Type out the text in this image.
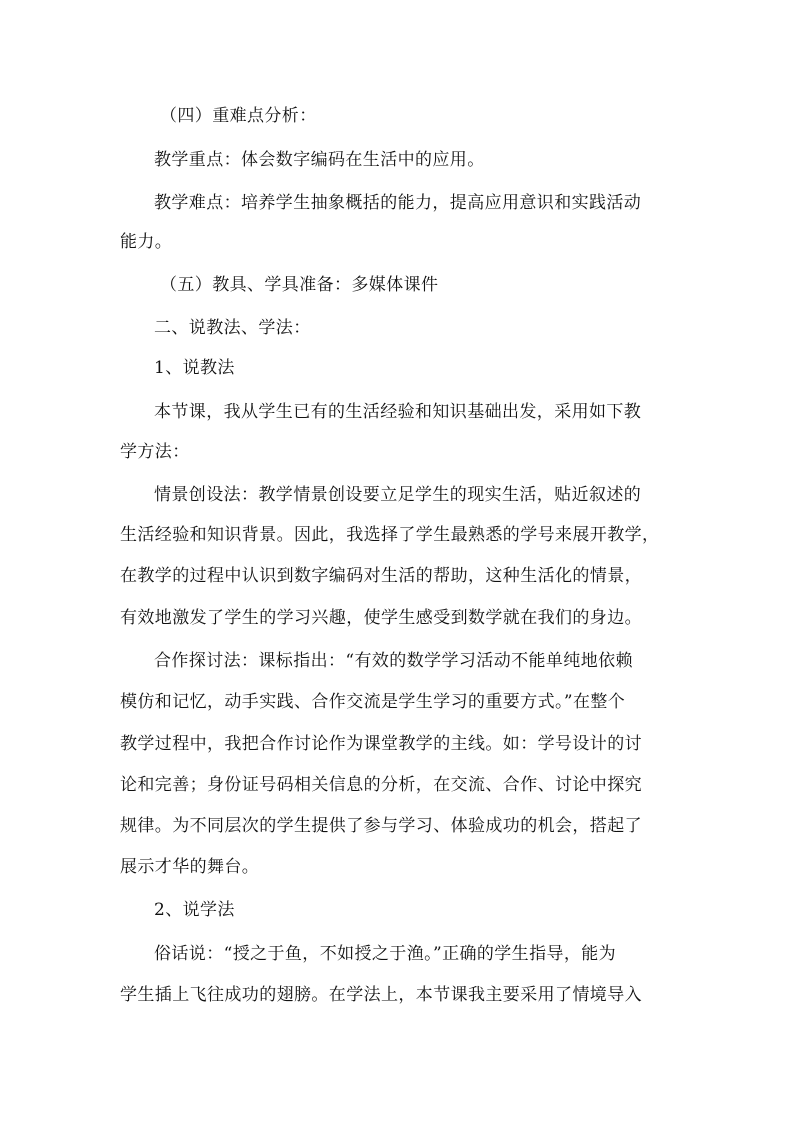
（四）重难点分析：
教学重点：体会数字编码在生活中的应用。
教学难点：培养学生抽象概括的能力，提高应用意识和实践活动
能力。
（五）教具、学具准备：多媒体课件
二、说教法、学法：
1、说教法
本节课，我从学生已有的生活经验和知识基础出发，采用如下教
学方法：
情景创设法：教学情景创设要立足学生的现实生活，贴近叙述的
生活经验和知识背景。因此，我选择了学生最熟悉的学号来展开教学，
在教学的过程中认识到数字编码对生活的帮助，这种生活化的情景，
有效地激发了学生的学习兴趣，使学生感受到数学就在我们的身边。
合作探讨法：课标指出：“有效的数学学习活动不能单纯地依赖
模仿和记忆，动手实践、合作交流是学生学习的重要方式。”在整个
教学过程中，我把合作讨论作为课堂教学的主线。如：学号设计的讨
论和完善；身份证号码相关信息的分析，在交流、合作、讨论中探究
规律。为不同层次的学生提供了参与学习、体验成功的机会，搭起了
展示才华的舞台。
2、说学法
俗话说：“授之于鱼，不如授之于渔。”正确的学生指导，能为
学生插上飞往成功的翅膀。在学法上，本节课我主要采用了情境导入
